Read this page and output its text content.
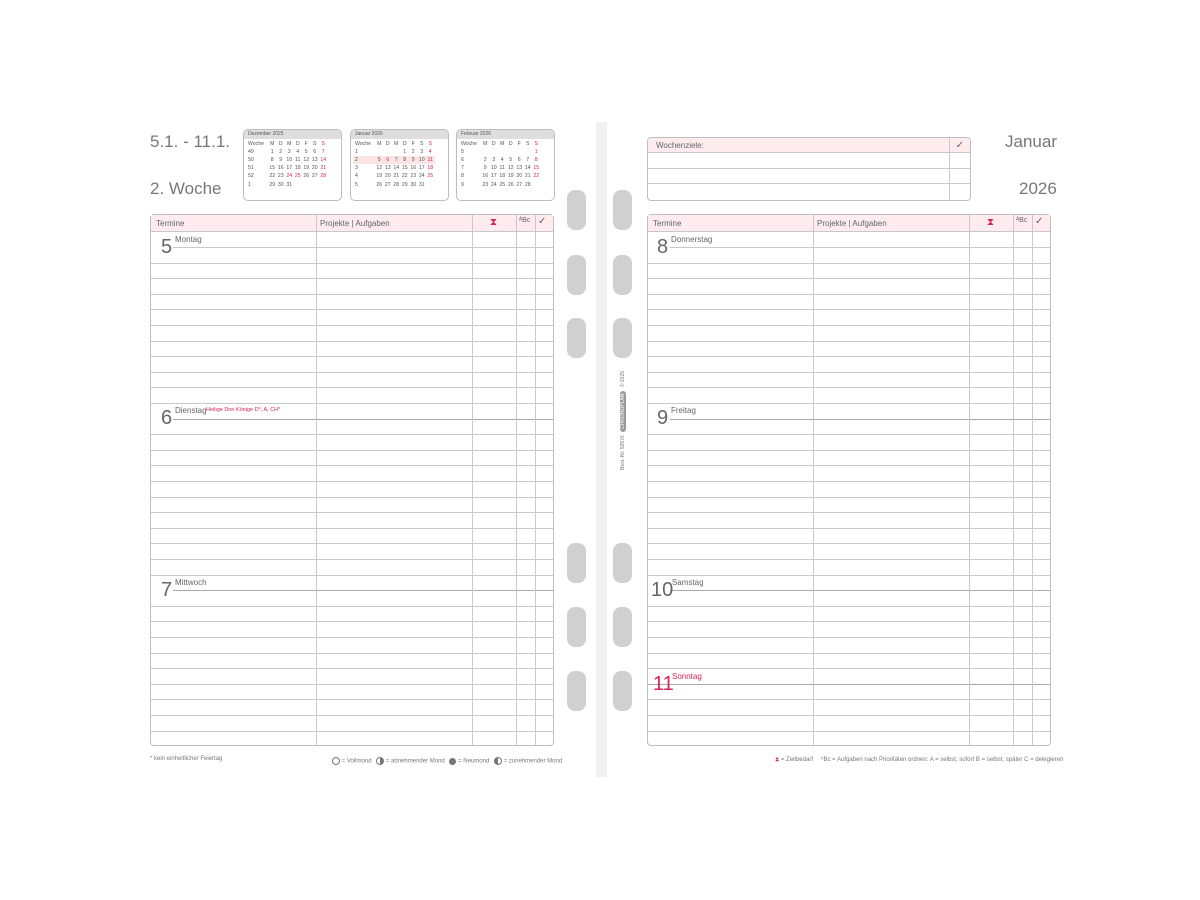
5.1. - 11.1.
2. Woche
Dezember 2025
Woche	M	D	M	D	F	S	S
49	1	2	3	4	5	6	7
50	8	9	10	11	12	13	14
51	15	16	17	18	19	20	21
52	22	23	24	25	26	27	28
1	29	30	31				
Januar 2026
Woche	M	D	M	D	F	S	S
1				1	2	3	4
2	5	6	7	8	9	10	11
3	12	13	14	15	16	17	18
4	19	20	21	22	23	24	25
5	26	27	28	29	30	31	
Februar 2026
Woche	M	D	M	D	F	S	S
5							1
6	2	3	4	5	6	7	8
7	9	10	11	12	13	14	15
8	16	17	18	19	20	21	22
9	23	24	25	26	27	28	
Januar
2026
Wochenziele:	✓
Termine	Projekte | Aufgaben	⧗	ᴬBc ✓	Termine	Projekte | Aufgaben	⧗	ᴬBc ✓
5 Montag
6 Dienstag Heilige Drei Könige D*, A, CH*
7 Mittwoch
8 Donnerstag
9 Freitag
10
Samstag
11
Sonntag
Best.-Nr. 50576 CHRONOPLAN © 2025
* kein einheitlicher Feiertag	= Vollmond = abnehmender Mond = Neumond = zunehmender Mond	⧗ = Zeitbedarf ᴬBc = Aufgaben nach Prioritäten ordnen: A = selbst, sofort B = selbst, später C = delegieren
